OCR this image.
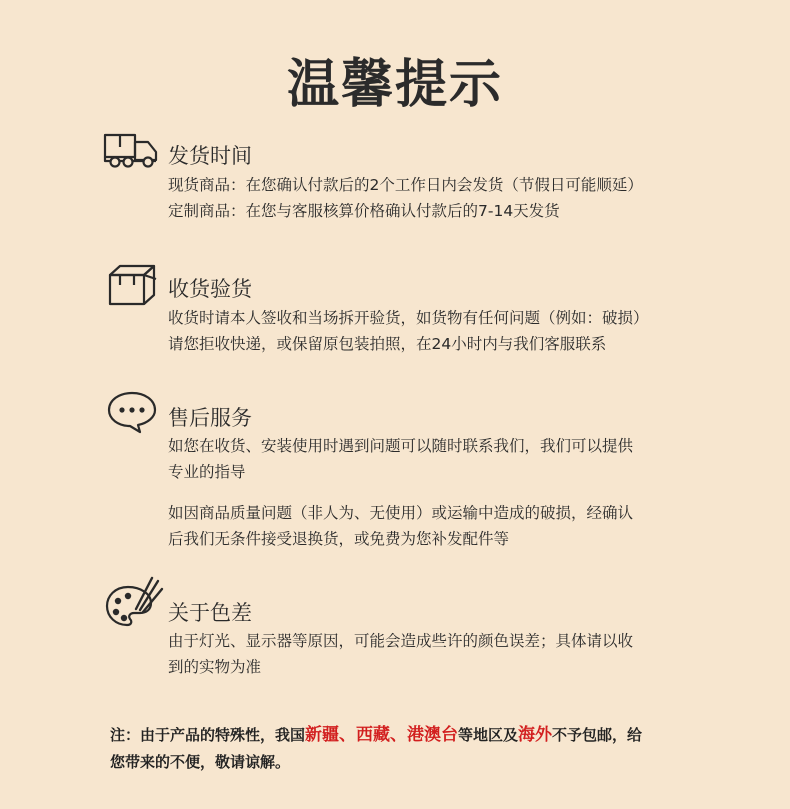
温馨提示
发货时间

现货商品：在您确认付款后的2个工作日内会发货（节假日可能顺延）

定制商品：在您与客服核算价格确认付款后的7-14天发货

收货验货

收货时请本人签收和当场拆开验货，如货物有任何问题（例如：破损）

请您拒收快递，或保留原包装拍照，在24小时内与我们客服联系

售后服务

如您在收货、安装使用时遇到问题可以随时联系我们，我们可以提供

专业的指导

如因商品质量问题（非人为、无使用）或运输中造成的破损，经确认

后我们无条件接受退换货，或免费为您补发配件等

关于色差

由于灯光、显示器等原因，可能会造成些许的颜色误差；具体请以收

到的实物为准

注：由于产品的特殊性，我国新疆、西藏、港澳台等地区及海外不予包邮，给
您带来的不便，敬请谅解。
